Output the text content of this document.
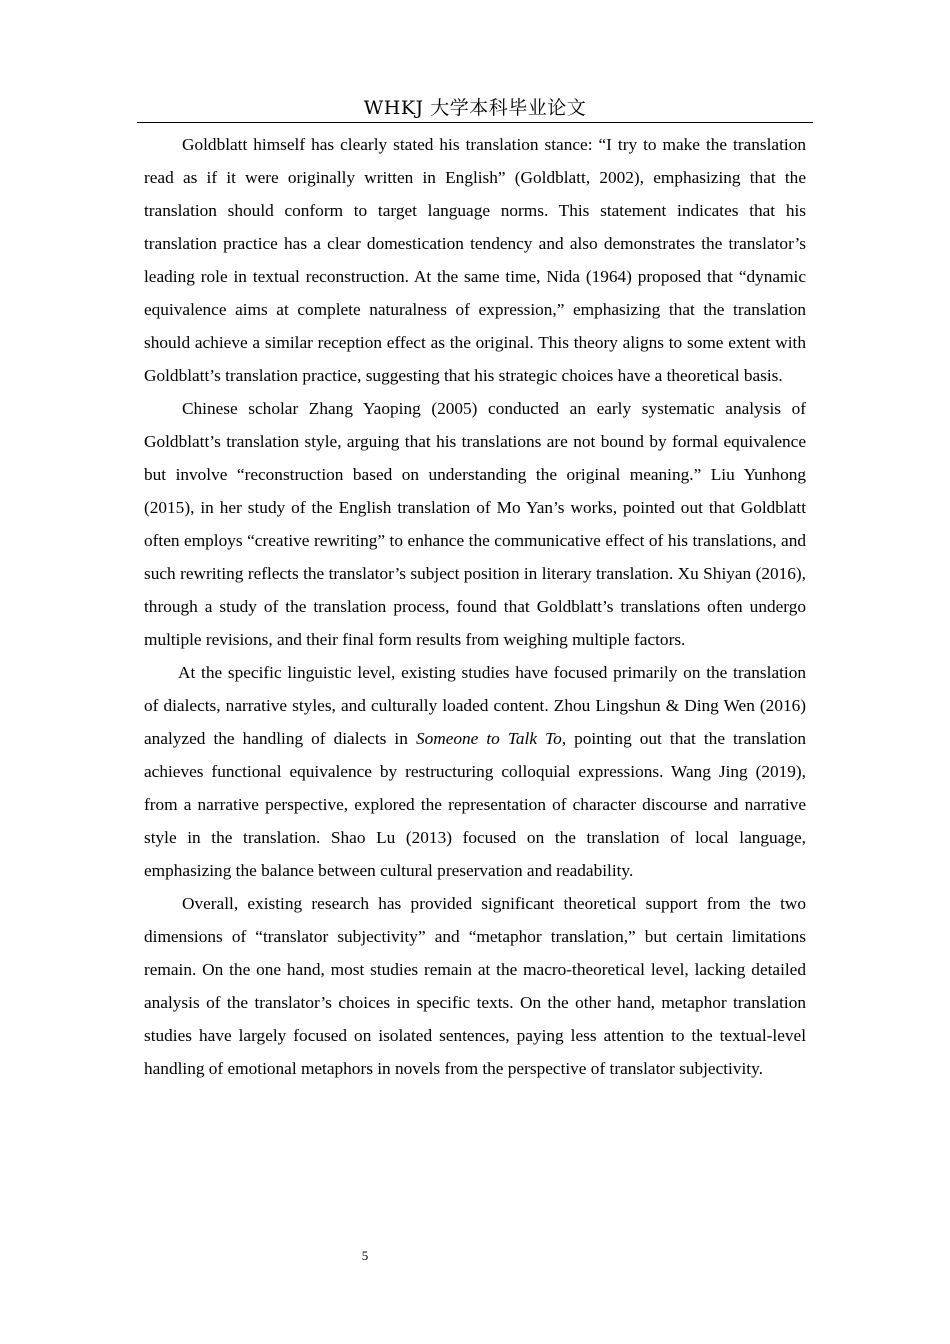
WHKJ 大学本科毕业论文

Goldblatt himself has clearly stated his translation stance: “I try to make the translation read as if it were originally written in English” (Goldblatt, 2002), emphasizing that the translation should conform to target language norms. This statement indicates that his translation practice has a clear domestication tendency and also demonstrates the translator’s leading role in textual reconstruction. At the same time, Nida (1964) proposed that “dynamic equivalence aims at complete naturalness of expression,” emphasizing that the translation should achieve a similar reception effect as the original. This theory aligns to some extent with Goldblatt’s translation practice, suggesting that his strategic choices have a theoretical basis.

Chinese scholar Zhang Yaoping (2005) conducted an early systematic analysis of Goldblatt’s translation style, arguing that his translations are not bound by formal equivalence but involve “reconstruction based on understanding the original meaning.” Liu Yunhong (2015), in her study of the English translation of Mo Yan’s works, pointed out that Goldblatt often employs “creative rewriting” to enhance the communicative effect of his translations, and such rewriting reflects the translator’s subject position in literary translation. Xu Shiyan (2016), through a study of the translation process, found that Goldblatt’s translations often undergo multiple revisions, and their final form results from weighing multiple factors.

At the specific linguistic level, existing studies have focused primarily on the translation of dialects, narrative styles, and culturally loaded content. Zhou Lingshun & Ding Wen (2016) analyzed the handling of dialects in Someone to Talk To, pointing out that the translation achieves functional equivalence by restructuring colloquial expressions. Wang Jing (2019), from a narrative perspective, explored the representation of character discourse and narrative style in the translation. Shao Lu (2013) focused on the translation of local language, emphasizing the balance between cultural preservation and readability.

Overall, existing research has provided significant theoretical support from the two dimensions of “translator subjectivity” and “metaphor translation,” but certain limitations remain. On the one hand, most studies remain at the macro-theoretical level, lacking detailed analysis of the translator’s choices in specific texts. On the other hand, metaphor translation studies have largely focused on isolated sentences, paying less attention to the textual-level handling of emotional metaphors in novels from the perspective of translator subjectivity.

5
